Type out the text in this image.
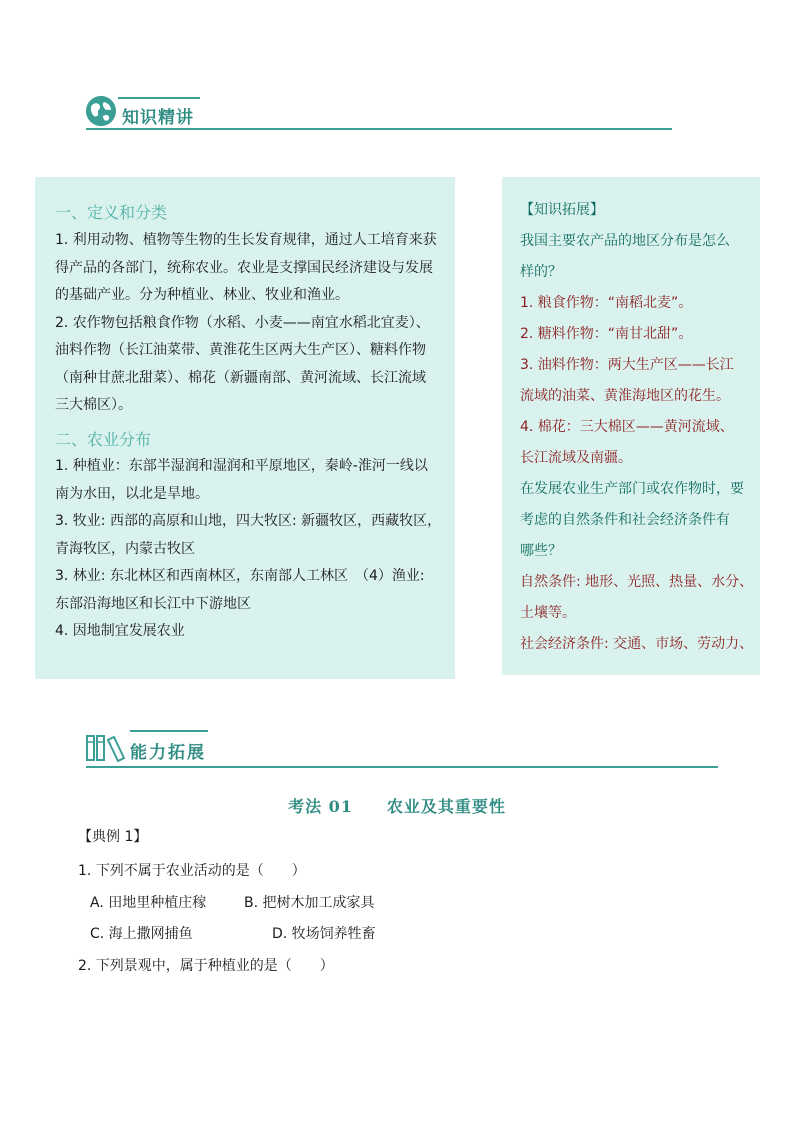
知识精讲
一、定义和分类
1. 利用动物、植物等生物的生长发育规律，通过人工培育来获
得产品的各部门，统称农业。农业是支撑国民经济建设与发展
的基础产业。分为种植业、林业、牧业和渔业。
2. 农作物包括粮食作物（水稻、小麦——南宜水稻北宜麦）、
油料作物（长江油菜带、黄淮花生区两大生产区）、糖料作物
（南种甘蔗北甜菜）、棉花（新疆南部、黄河流域、长江流域
三大棉区）。
二、农业分布
1. 种植业：东部半湿润和湿润和平原地区，秦岭-淮河一线以
南为水田，以北是旱地。
3. 牧业: 西部的高原和山地，四大牧区: 新疆牧区，西藏牧区，
青海牧区，内蒙古牧区
3. 林业: 东北林区和西南林区，东南部人工林区　（4）渔业:
东部沿海地区和长江中下游地区
4. 因地制宜发展农业
【知识拓展】
我国主要农产品的地区分布是怎么
样的？
1. 粮食作物：“南稻北麦”。
2. 糖料作物：“南甘北甜”。
3. 油料作物：两大生产区——长江
流域的油菜、黄淮海地区的花生。
4. 棉花：三大棉区——黄河流域、
长江流域及南疆。
在发展农业生产部门或农作物时，要
考虑的自然条件和社会经济条件有
哪些？
自然条件: 地形、光照、热量、水分、
土壤等。
社会经济条件: 交通、市场、劳动力、
能力拓展
考法 01　　农业及其重要性
【典例 1】
1. 下列不属于农业活动的是（　　）
A. 田地里种植庄稼	B. 把树木加工成家具
C. 海上撒网捕鱼	D. 牧场饲养牲畜
2. 下列景观中，属于种植业的是（　　）
